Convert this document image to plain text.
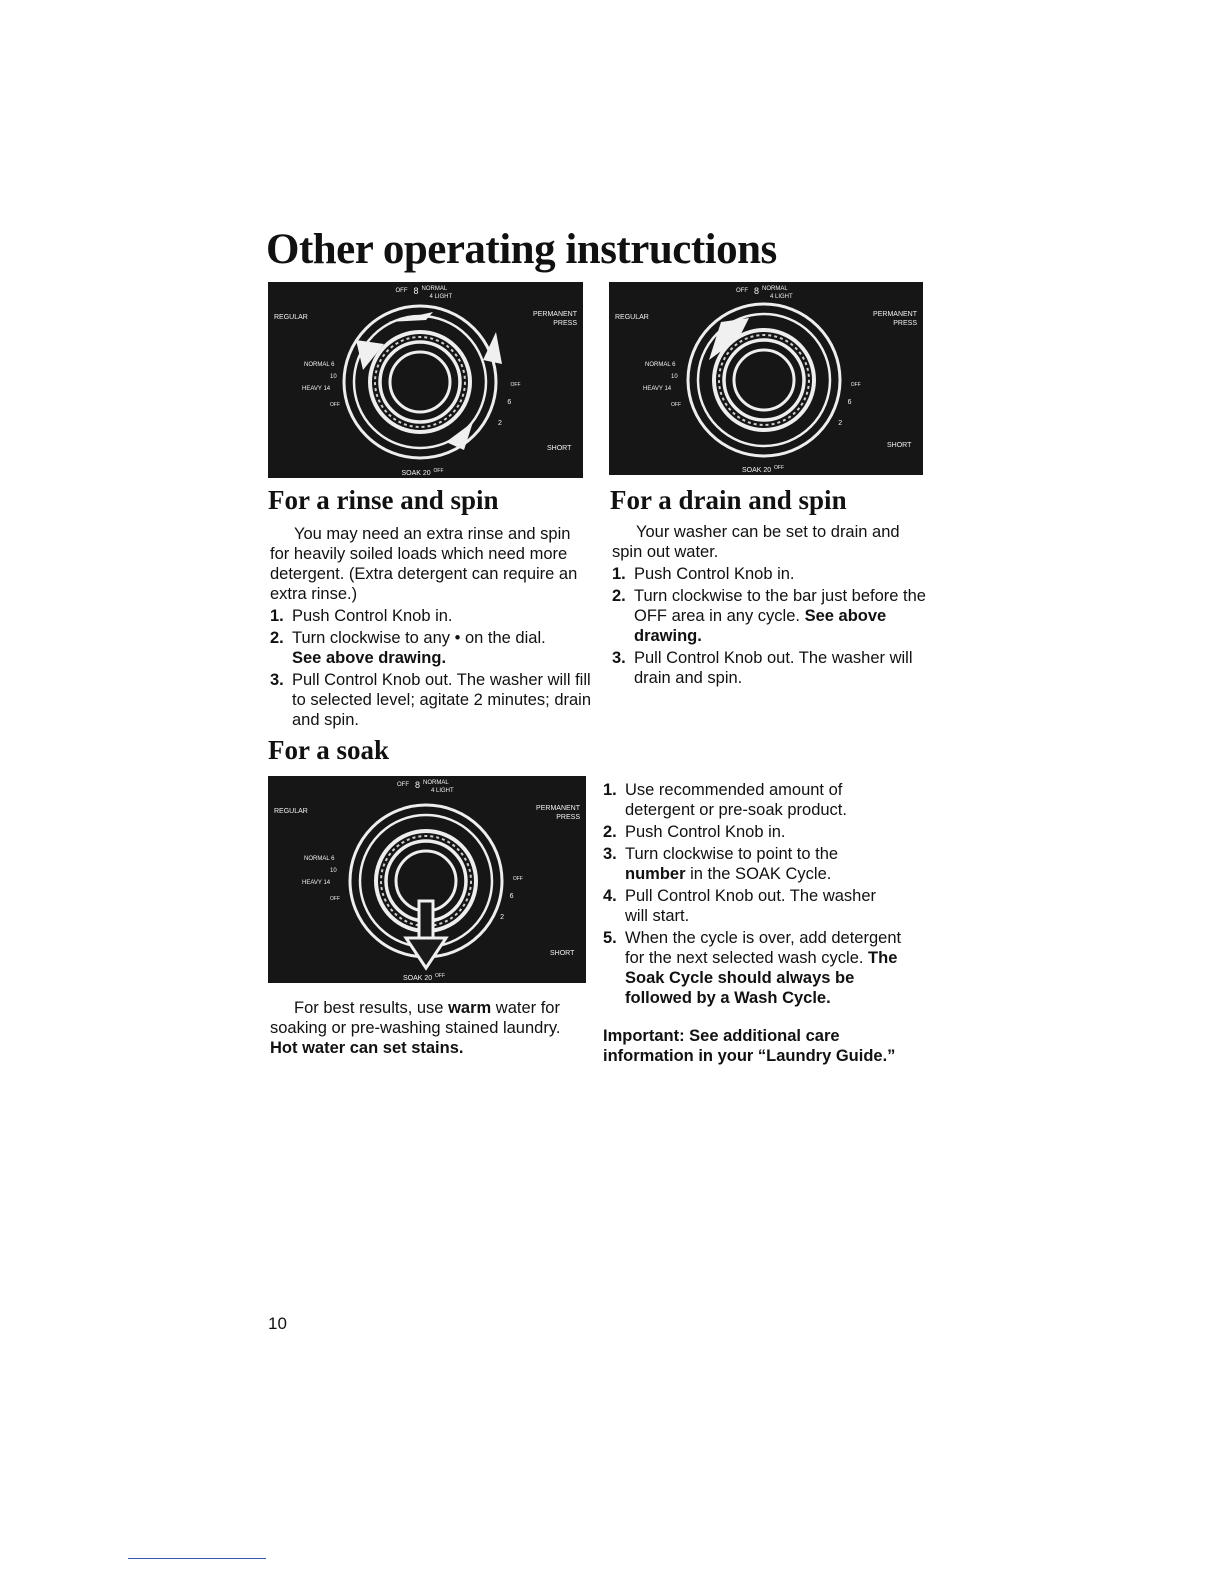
Other operating instructions
OFF 8 NORMAL
4 LIGHT
REGULAR	PERMANENT
PRESS
NORMAL 6
10
HEAVY 14
OFF
OFF
6
2
SHORT
SOAK 20 OFF
OFF 8 NORMAL
4 LIGHT
REGULAR	PERMANENT
PRESS
NORMAL 6
10
HEAVY 14
OFF
OFF
6
2
SHORT
SOAK 20 OFF
OFF 8 NORMAL
4 LIGHT
REGULAR	PERMANENT
PRESS
NORMAL 6
10
HEAVY 14
OFF
OFF
6
2
SHORT
SOAK 20 OFF
For a rinse and spin

You may need an extra rinse and spin for heavily soiled loads which need more detergent. (Extra detergent can require an extra rinse.)

1. Push Control Knob in.
2. Turn clockwise to any • on the dial.
See above drawing.
3. Pull Control Knob out. The washer will fill to selected level; agitate 2 minutes; drain and spin.
For a drain and spin

Your washer can be set to drain and spin out water.

1. Push Control Knob in.
2. Turn clockwise to the bar just before the OFF area in any cycle. See above drawing.
3. Pull Control Knob out. The washer will drain and spin.
For a soak

For best results, use warm water for soaking or pre-washing stained laundry. Hot water can set stains.

1. Use recommended amount of detergent or pre-soak product.
2. Push Control Knob in.
3. Turn clockwise to point to the number in the SOAK Cycle.
4. Pull Control Knob out. The washer will start.
5. When the cycle is over, add detergent for the next selected wash cycle. The Soak Cycle should always be followed by a Wash Cycle.

Important: See additional care information in your “Laundry Guide.”

10
